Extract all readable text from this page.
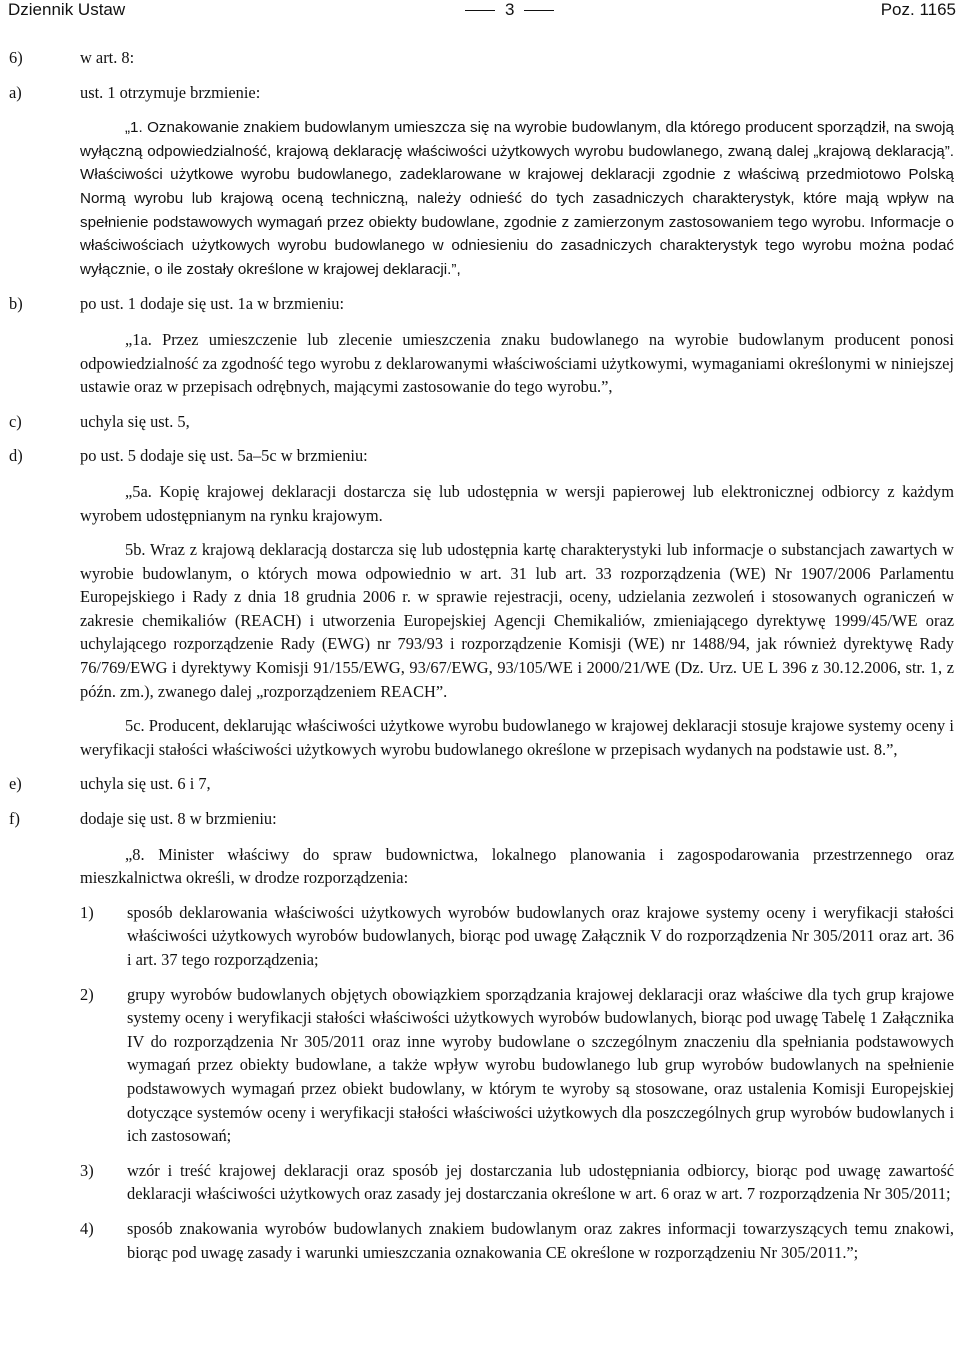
Dziennik Ustaw	3	Poz. 1165
6)	w art. 8:
a)	ust. 1 otrzymuje brzmienie:

„1. Oznakowanie znakiem budowlanym umieszcza się na wyrobie budowlanym, dla którego producent sporządził, na swoją wyłączną odpowiedzialność, krajową deklarację właściwości użytkowych wyrobu budowlanego, zwaną dalej „krajową deklaracją”. Właściwości użytkowe wyrobu budowlanego, zadeklarowane w krajowej deklaracji zgodnie z właściwą przedmiotowo Polską Normą wyrobu lub krajową oceną techniczną, należy odnieść do tych zasadniczych charakterystyk, które mają wpływ na spełnienie podstawowych wymagań przez obiekty budowlane, zgodnie z zamierzonym zastosowaniem tego wyrobu. Informacje o właściwościach użytkowych wyrobu budowlanego w odniesieniu do zasadniczych charakterystyk tego wyrobu można podać wyłącznie, o ile zostały określone w krajowej deklaracji.”,

b)	po ust. 1 dodaje się ust. 1a w brzmieniu:

„1a. Przez umieszczenie lub zlecenie umieszczenia znaku budowlanego na wyrobie budowlanym producent ponosi odpowiedzialność za zgodność tego wyrobu z deklarowanymi właściwościami użytkowymi, wymaganiami określonymi w niniejszej ustawie oraz w przepisach odrębnych, mającymi zastosowanie do tego wyrobu.”,

c)	uchyla się ust. 5,
d)	po ust. 5 dodaje się ust. 5a–5c w brzmieniu:

„5a. Kopię krajowej deklaracji dostarcza się lub udostępnia w wersji papierowej lub elektronicznej odbiorcy z każdym wyrobem udostępnianym na rynku krajowym.

5b. Wraz z krajową deklaracją dostarcza się lub udostępnia kartę charakterystyki lub informacje o substancjach zawartych w wyrobie budowlanym, o których mowa odpowiednio w art. 31 lub art. 33 rozporządzenia (WE) Nr 1907/2006 Parlamentu Europejskiego i Rady z dnia 18 grudnia 2006 r. w sprawie rejestracji, oceny, udzielania zezwoleń i stosowanych ograniczeń w zakresie chemikaliów (REACH) i utworzenia Europejskiej Agencji Chemikaliów, zmieniającego dyrektywę 1999/45/WE oraz uchylającego rozporządzenie Rady (EWG) nr 793/93 i rozporządzenie Komisji (WE) nr 1488/94, jak również dyrektywę Rady 76/769/EWG i dyrektywy Komisji 91/155/EWG, 93/67/EWG, 93/105/WE i 2000/21/WE (Dz. Urz. UE L 396 z 30.12.2006, str. 1, z późn. zm.), zwanego dalej „rozporządzeniem REACH”.

5c. Producent, deklarując właściwości użytkowe wyrobu budowlanego w krajowej deklaracji stosuje krajowe systemy oceny i weryfikacji stałości właściwości użytkowych wyrobu budowlanego określone w przepisach wydanych na podstawie ust. 8.”,

e)	uchyla się ust. 6 i 7,
f)	dodaje się ust. 8 w brzmieniu:

„8. Minister właściwy do spraw budownictwa, lokalnego planowania i zagospodarowania przestrzennego oraz mieszkalnictwa określi, w drodze rozporządzenia:

1)	sposób deklarowania właściwości użytkowych wyrobów budowlanych oraz krajowe systemy oceny i weryfikacji stałości właściwości użytkowych wyrobów budowlanych, biorąc pod uwagę Załącznik V do rozporządzenia Nr 305/2011 oraz art. 36 i art. 37 tego rozporządzenia;

2)	grupy wyrobów budowlanych objętych obowiązkiem sporządzania krajowej deklaracji oraz właściwe dla tych grup krajowe systemy oceny i weryfikacji stałości właściwości użytkowych wyrobów budowlanych, biorąc pod uwagę Tabelę 1 Załącznika IV do rozporządzenia Nr 305/2011 oraz inne wyroby budowlane o szczególnym znaczeniu dla spełniania podstawowych wymagań przez obiekty budowlane, a także wpływ wyrobu budowlanego lub grup wyrobów budowlanych na spełnienie podstawowych wymagań przez obiekt budowlany, w którym te wyroby są stosowane, oraz ustalenia Komisji Europejskiej dotyczące systemów oceny i weryfikacji stałości właściwości użytkowych dla poszczególnych grup wyrobów budowlanych i ich zastosowań;

3)	wzór i treść krajowej deklaracji oraz sposób jej dostarczania lub udostępniania odbiorcy, biorąc pod uwagę zawartość deklaracji właściwości użytkowych oraz zasady jej dostarczania określone w art. 6 oraz w art. 7 rozporządzenia Nr 305/2011;

4)	sposób znakowania wyrobów budowlanych znakiem budowlanym oraz zakres informacji towarzyszących temu znakowi, biorąc pod uwagę zasady i warunki umieszczania oznakowania CE określone w rozporządzeniu Nr 305/2011.”;
